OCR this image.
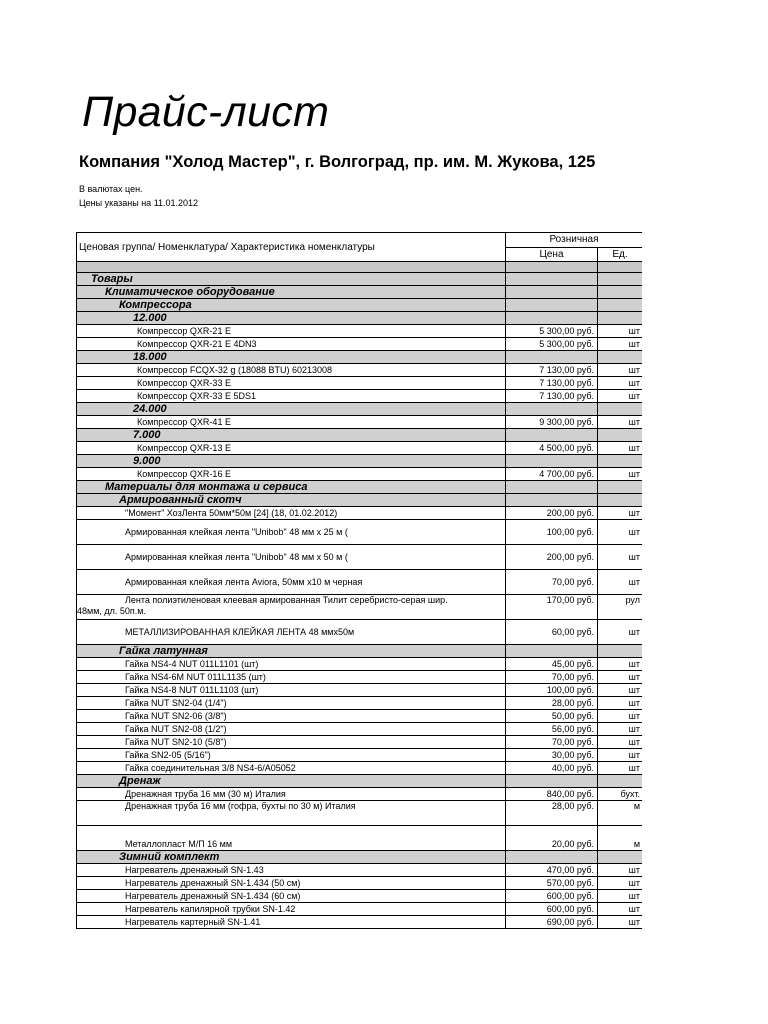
Прайс-лист
Компания "Холод Мастер", г. Волгоград, пр. им. М. Жукова, 125
В валютах цен.
Цены указаны на 11.01.2012
Ценовая группа/ Номенклатура/ Характеристика номенклатуры	Розничная	
	Цена	Ед.

Товары		
Климатическое оборудование		
Компрессора		
12.000		
Компрессор QXR-21 E	5 300,00 руб.	шт
Компрессор QXR-21 E 4DN3	5 300,00 руб.	шт
18.000		
Компрессор FCQX-32 g (18088 BTU) 60213008	7 130,00 руб.	шт
Компрессор QXR-33 E	7 130,00 руб.	шт
Компрессор QXR-33 E 5DS1	7 130,00 руб.	шт
24.000		
Компрессор QXR-41 E	9 300,00 руб.	шт
7.000		
Компрессор QXR-13 E	4 500,00 руб.	шт
9.000		
Компрессор QXR-16 E	4 700,00 руб.	шт
Материалы для монтажа и сервиса		
Армированный скотч		
"Момент" ХозЛента 50мм*50м [24] (18, 01.02.2012)	200,00 руб.	шт
Армированная клейкая лента "Unibob" 48 мм х 25 м (	100,00 руб.	шт
Армированная клейкая лента "Unibob" 48 мм х 50 м (	200,00 руб.	шт
Армированная клейкая лента Aviora, 50мм х10 м черная	70,00 руб.	шт

Лента полиэтиленовая клеевая армированная Тилит серебристо-серая шир.
48мм, дл. 50п.м.	170,00 руб.	рул
МЕТАЛЛИЗИРОВАННАЯ КЛЕЙКАЯ ЛЕНТА 48 ммх50м	60,00 руб.	шт
Гайка латунная		
Гайка NS4-4 NUT 011L1101 (шт)	45,00 руб.	шт
Гайка NS4-6M NUT 011L1135 (шт)	70,00 руб.	шт
Гайка NS4-8 NUT 011L1103 (шт)	100,00 руб.	шт
Гайка NUT SN2-04 (1/4")	28,00 руб.	шт
Гайка NUT SN2-06 (3/8")	50,00 руб.	шт
Гайка NUT SN2-08 (1/2")	56,00 руб.	шт
Гайка NUT SN2-10 (5/8")	70,00 руб.	шт
Гайка SN2-05 (5/16")	30,00 руб.	шт
Гайка соединительная 3/8 NS4-6/A05052	40,00 руб.	шт
Дренаж		
Дренажная труба 16 мм (30 м) Италия	840,00 руб.	бухт.
Дренажная труба 16 мм (гофра, бухты по 30 м) Италия	28,00 руб.	м
Металлопласт М/П 16 мм	20,00 руб.	м
Зимний комплект		
Нагреватель дренажный SN-1.43	470,00 руб.	шт
Нагреватель дренажный SN-1.434 (50 см)	570,00 руб.	шт
Нагреватель дренажный SN-1.434 (60 см)	600,00 руб.	шт
Нагреватель капилярной трубки SN-1.42	600,00 руб.	шт
Нагреватель картерный SN-1.41	690,00 руб.	шт
